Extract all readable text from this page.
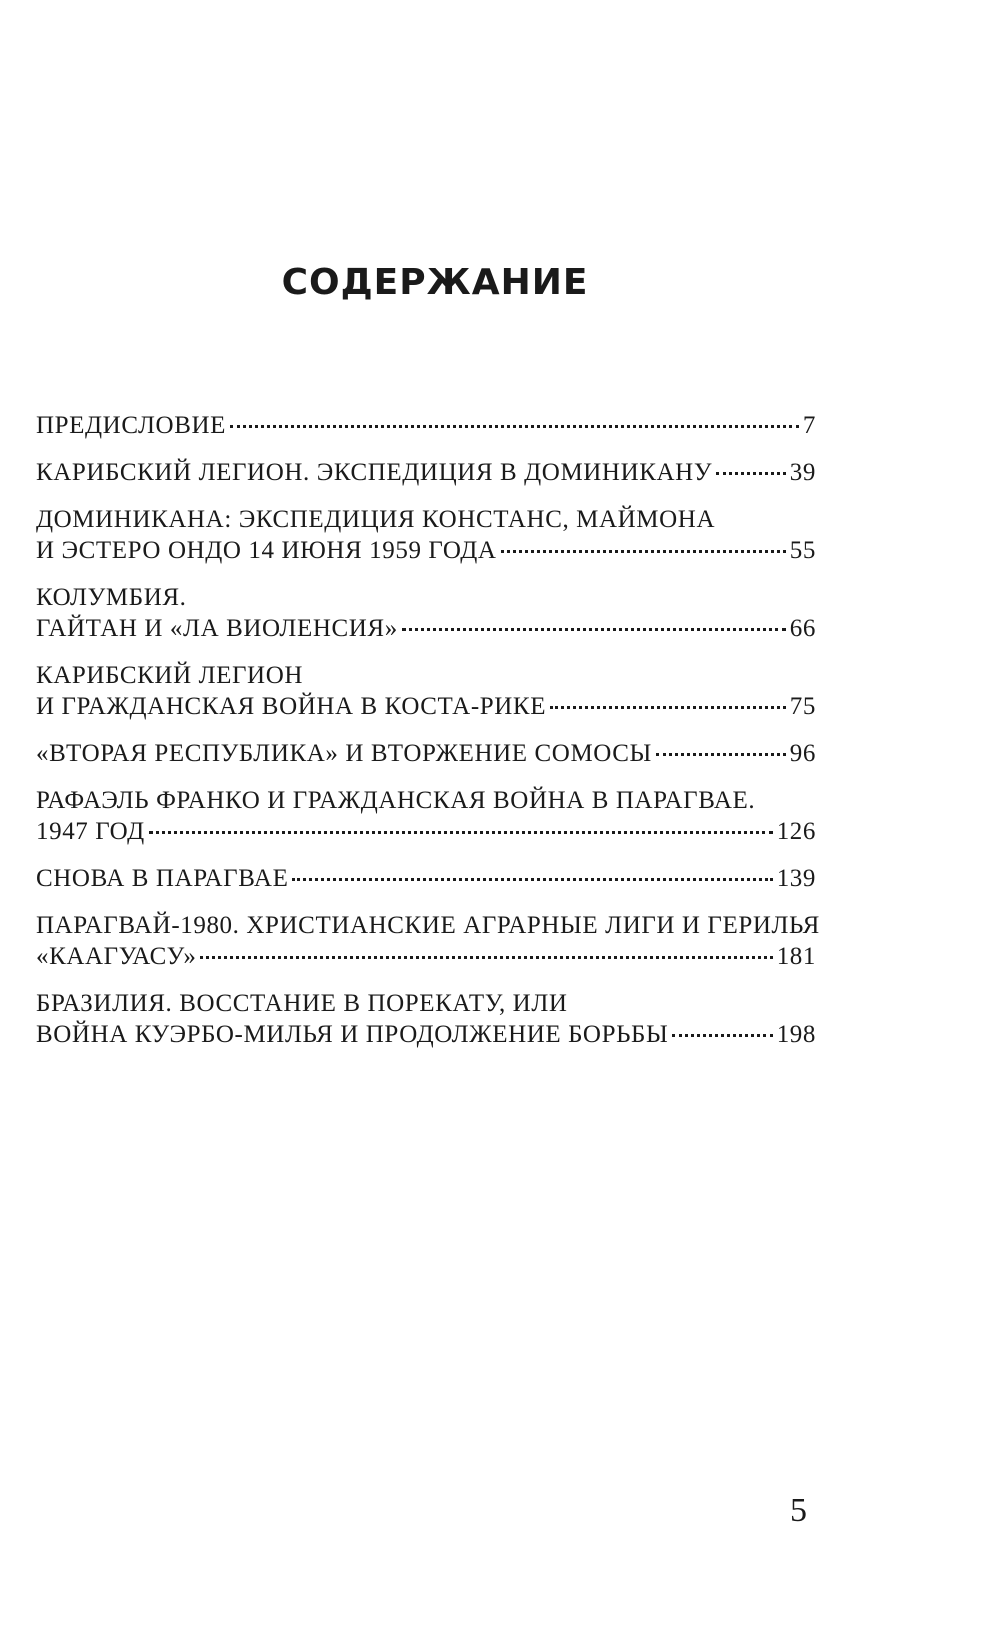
СОДЕРЖАНИЕ
ПРЕДИСЛОВИЕ	7
КАРИБСКИЙ ЛЕГИОН. ЭКСПЕДИЦИЯ В ДОМИНИКАНУ	39
ДОМИНИКАНА: ЭКСПЕДИЦИЯ КОНСТАНС, МАЙМОНА
И ЭСТЕРО ОНДО 14 ИЮНЯ 1959 ГОДА	55
КОЛУМБИЯ.
ГАЙТАН И «ЛА ВИОЛЕНСИЯ»	66
КАРИБСКИЙ ЛЕГИОН
И ГРАЖДАНСКАЯ ВОЙНА В КОСТА-РИКЕ	75
«ВТОРАЯ РЕСПУБЛИКА» И ВТОРЖЕНИЕ СОМОСЫ	96
РАФАЭЛЬ ФРАНКО И ГРАЖДАНСКАЯ ВОЙНА В ПАРАГВАЕ.
1947 ГОД	126
СНОВА В ПАРАГВАЕ	139
ПАРАГВАЙ-1980. ХРИСТИАНСКИЕ АГРАРНЫЕ ЛИГИ И ГЕРИЛЬЯ
«КААГУАСУ»	181
БРАЗИЛИЯ. ВОССТАНИЕ В ПОРЕКАТУ, ИЛИ
ВОЙНА КУЭРБО-МИЛЬЯ И ПРОДОЛЖЕНИЕ БОРЬБЫ	198
5
